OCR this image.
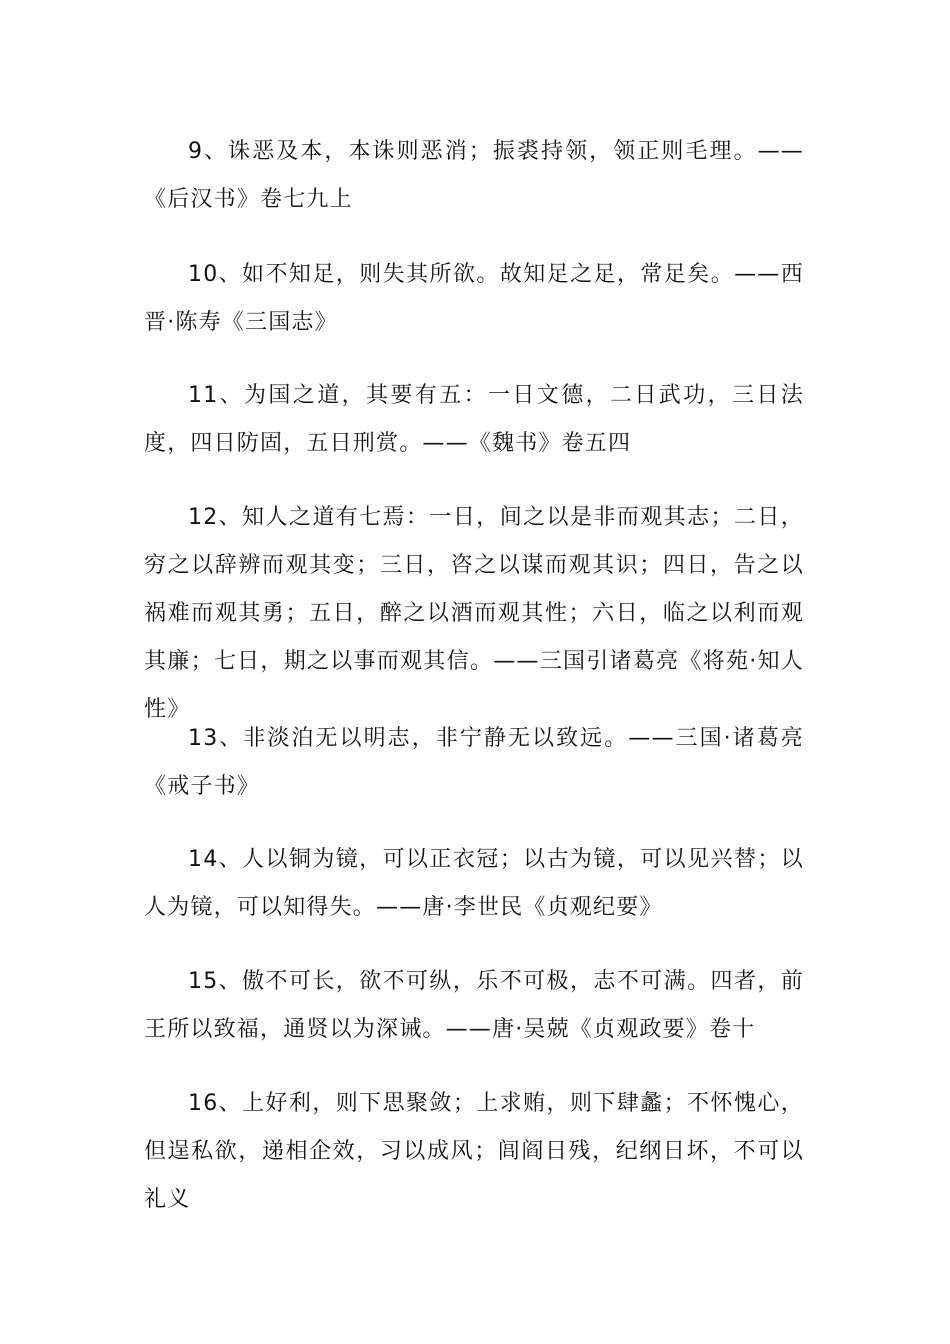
9、诛恶及本，本诛则恶消；振裘持领，领正则毛理。——《后汉书》卷七九上

10、如不知足，则失其所欲。故知足之足，常足矣。——西晋·陈寿《三国志》

11、为国之道，其要有五：一日文德，二日武功，三日法度，四日防固，五日刑赏。——《魏书》卷五四

12、知人之道有七焉：一日，间之以是非而观其志；二日，穷之以辞辨而观其变；三日，咨之以谋而观其识；四日，告之以祸难而观其勇；五日，醉之以酒而观其性；六日，临之以利而观其廉；七日，期之以事而观其信。——三国引诸葛亮《将苑·知人性》

13、非淡泊无以明志，非宁静无以致远。——三国·诸葛亮《戒子书》

14、人以铜为镜，可以正衣冠；以古为镜，可以见兴替；以人为镜，可以知得失。——唐·李世民《贞观纪要》

15、傲不可长，欲不可纵，乐不可极，志不可满。四者，前王所以致福，通贤以为深诫。——唐·吴兢《贞观政要》卷十

16、上好利，则下思聚敛；上求贿，则下肆蠡；不怀愧心，但逞私欲，递相企效，习以成风；闾阎日残，纪纲日坏，不可以礼义
